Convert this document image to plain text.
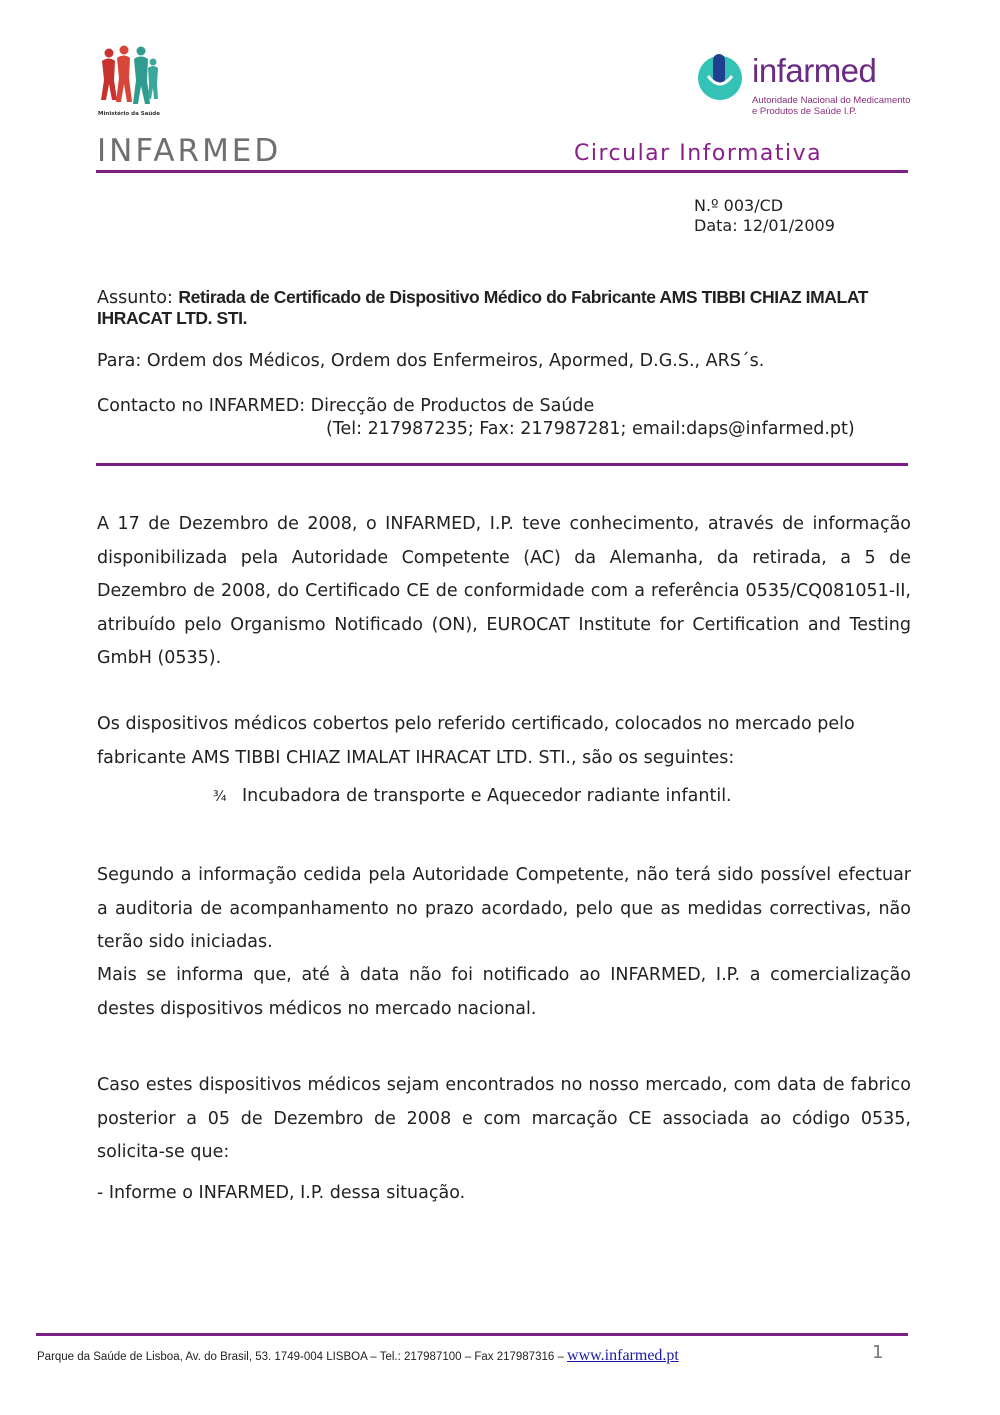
Ministério da Saúde
infarmed
Autoridade Nacional do Medicamento
e Produtos de Saúde I.P.
INFARMED	Circular Informativa
N.º 003/CD
Data: 12/01/2009
Assunto: Retirada de Certificado de Dispositivo Médico do Fabricante AMS TIBBI CHIAZ IMALAT IHRACAT LTD. STI.
Para: Ordem dos Médicos, Ordem dos Enfermeiros, Apormed, D.G.S., ARS´s.
Contacto no INFARMED: Direcção de Productos de Saúde
(Tel: 217987235; Fax: 217987281; email:daps@infarmed.pt)
A 17 de Dezembro de 2008, o INFARMED, I.P. teve conhecimento, através de informação disponibilizada pela Autoridade Competente (AC) da Alemanha, da retirada, a 5 de Dezembro de 2008, do Certificado CE de conformidade com a referência 0535/CQ081051-II, atribuído pelo Organismo Notificado (ON), EUROCAT Institute for Certification and Testing GmbH (0535).
Os dispositivos médicos cobertos pelo referido certificado, colocados no mercado pelo
fabricante AMS TIBBI CHIAZ IMALAT IHRACAT LTD. STI., são os seguintes:
¾ Incubadora de transporte e Aquecedor radiante infantil.
Segundo a informação cedida pela Autoridade Competente, não terá sido possível efectuar a auditoria de acompanhamento no prazo acordado, pelo que as medidas correctivas, não terão sido iniciadas.
Mais se informa que, até à data não foi notificado ao INFARMED, I.P. a comercialização destes dispositivos médicos no mercado nacional.
Caso estes dispositivos médicos sejam encontrados no nosso mercado, com data de fabrico posterior a 05 de Dezembro de 2008 e com marcação CE associada ao código 0535, solicita-se que:
- Informe o INFARMED, I.P. dessa situação.
Parque da Saúde de Lisboa, Av. do Brasil, 53. 1749-004 LISBOA – Tel.: 217987100 – Fax 217987316 – www.infarmed.pt	1
